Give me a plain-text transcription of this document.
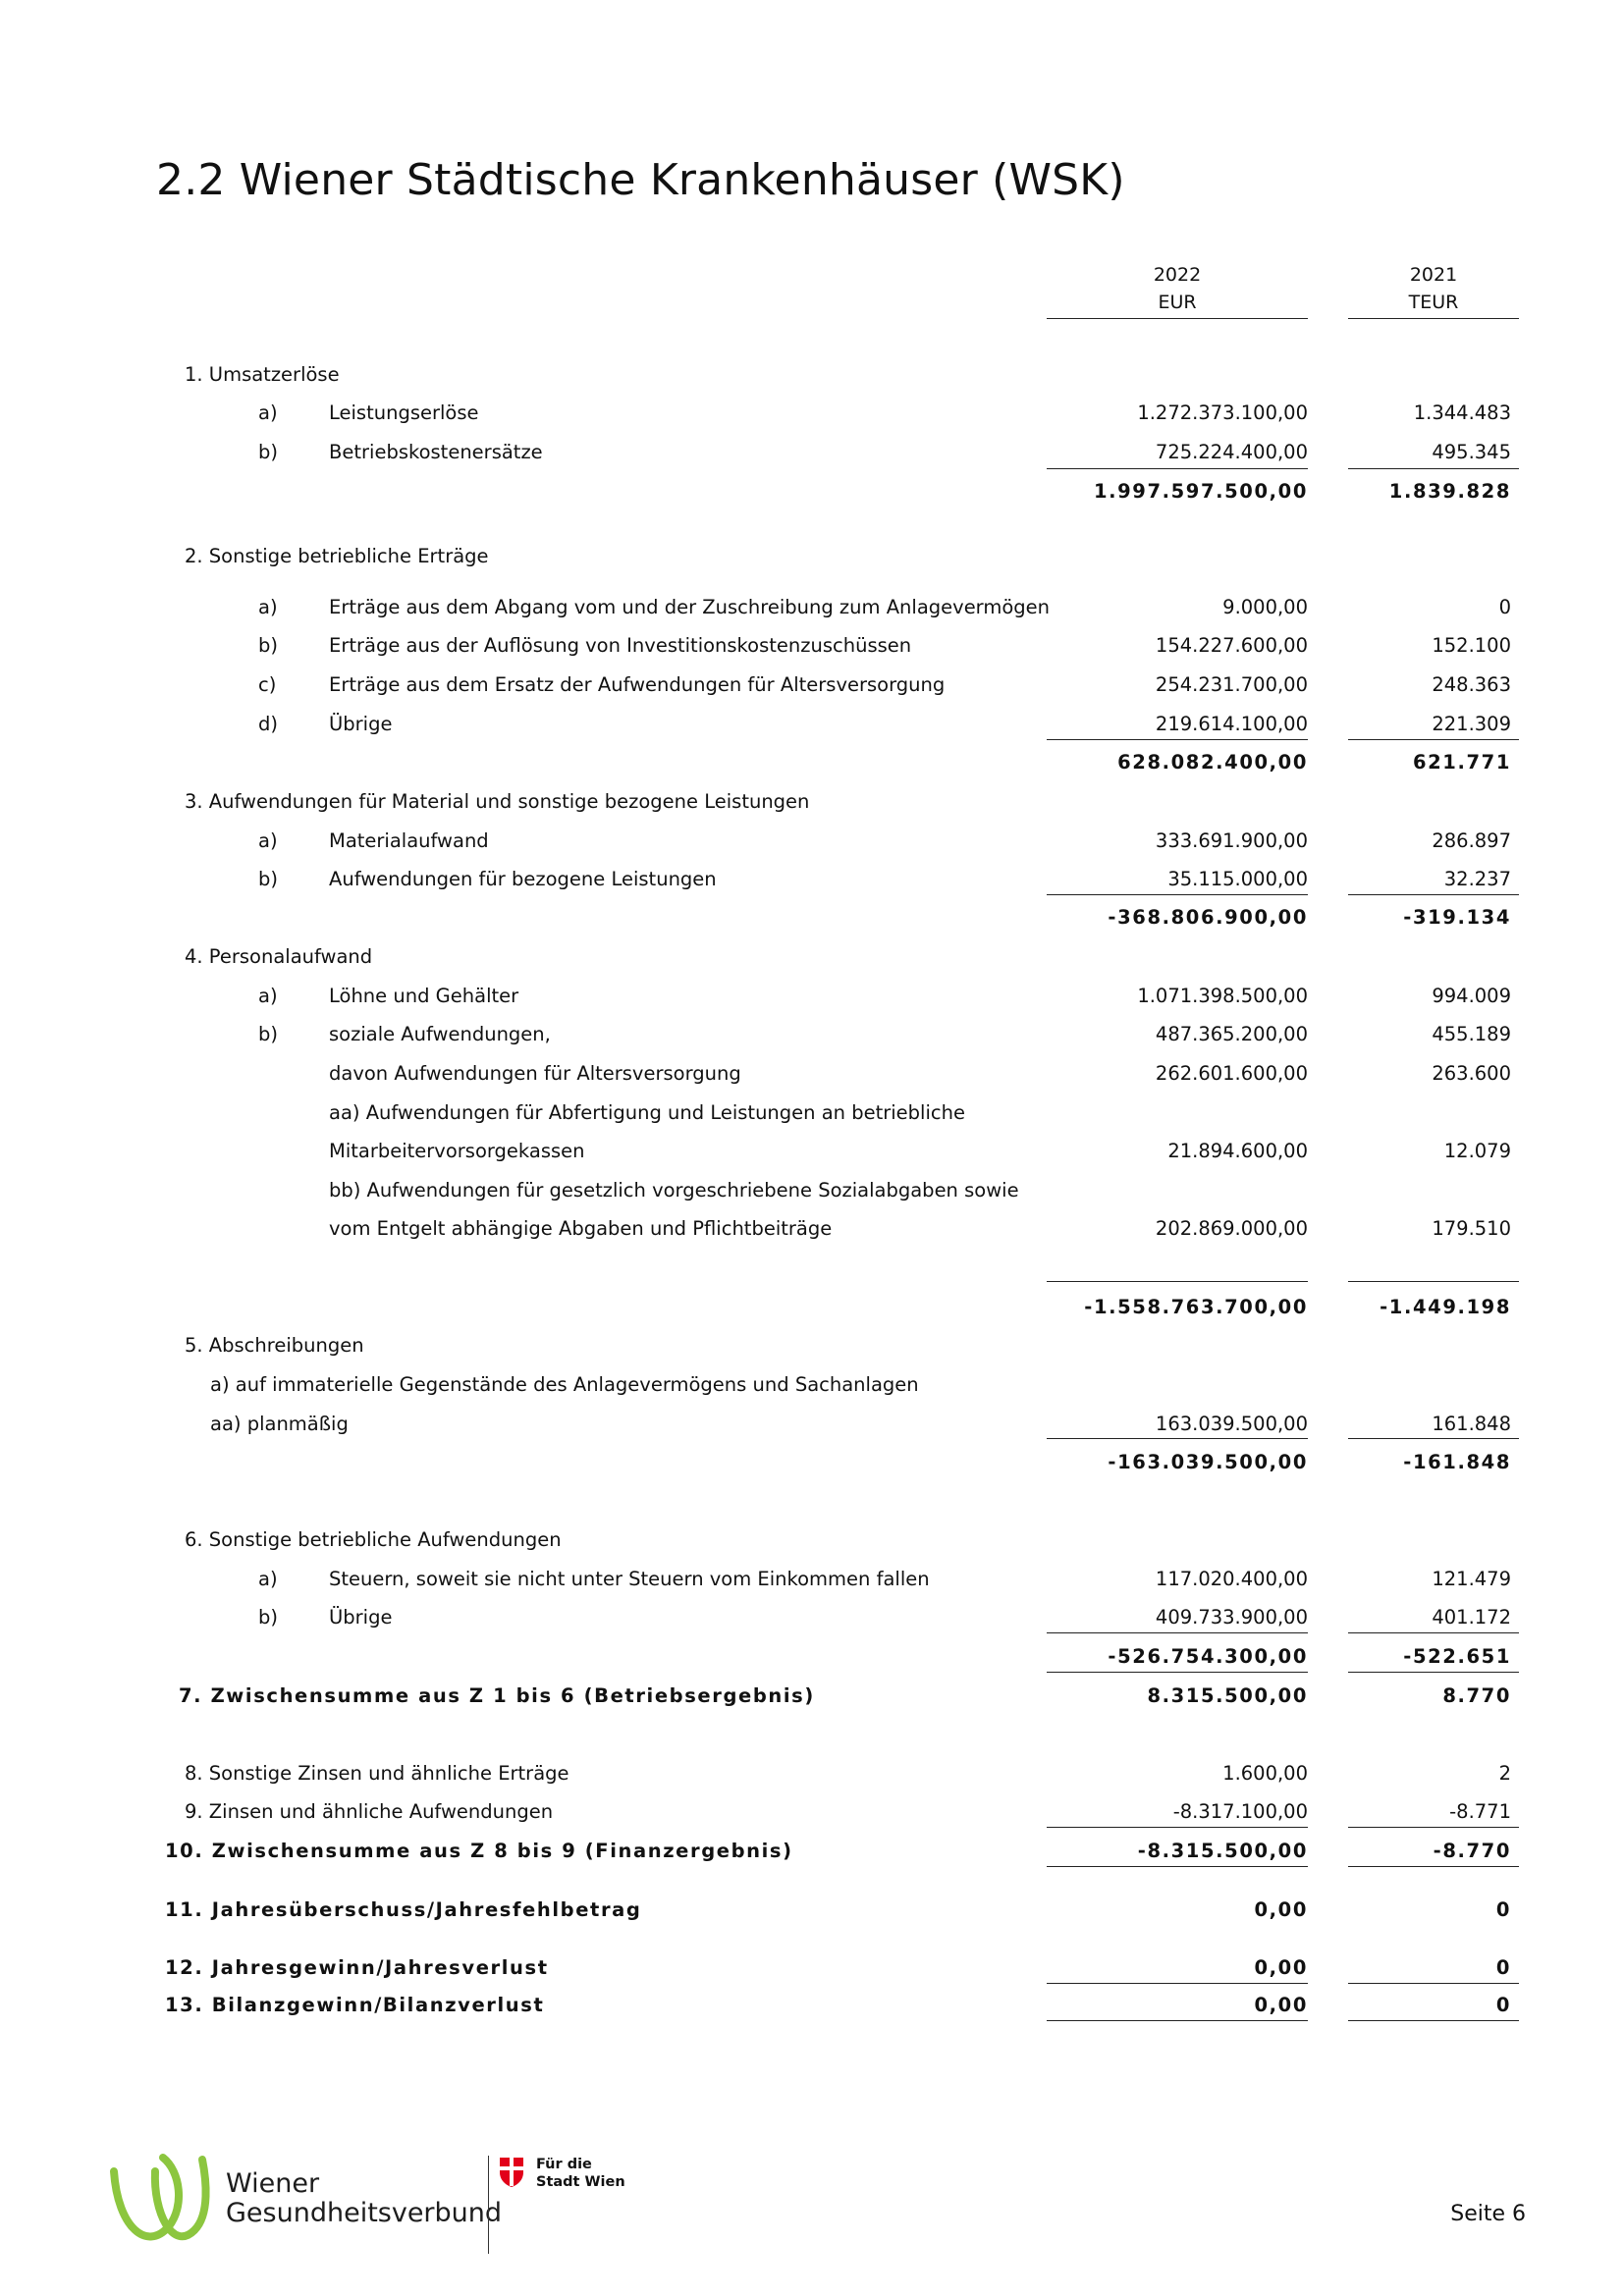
2.2 Wiener Städtische Krankenhäuser (WSK)
2022
EUR
2021
TEUR
1. Umsatzerlöse
a)	Leistungserlöse	1.272.373.100,00	1.344.483
b)	Betriebskostenersätze	725.224.400,00	495.345
1.997.597.500,00	1.839.828
2. Sonstige betriebliche Erträge
a)	Erträge aus dem Abgang vom und der Zuschreibung zum Anlagevermögen	9.000,00	0
b)	Erträge aus der Auflösung von Investitionskostenzuschüssen	154.227.600,00	152.100
c)	Erträge aus dem Ersatz der Aufwendungen für Altersversorgung	254.231.700,00	248.363
d)	Übrige	219.614.100,00	221.309
628.082.400,00	621.771
3. Aufwendungen für Material und sonstige bezogene Leistungen
a)	Materialaufwand	333.691.900,00	286.897
b)	Aufwendungen für bezogene Leistungen	35.115.000,00	32.237
-368.806.900,00	-319.134
4. Personalaufwand
a)	Löhne und Gehälter	1.071.398.500,00	994.009
b)	soziale Aufwendungen,	487.365.200,00	455.189
davon Aufwendungen für Altersversorgung	262.601.600,00	263.600
aa) Aufwendungen für Abfertigung und Leistungen an betriebliche
Mitarbeitervorsorgekassen	21.894.600,00	12.079
bb) Aufwendungen für gesetzlich vorgeschriebene Sozialabgaben sowie
vom Entgelt abhängige Abgaben und Pflichtbeiträge	202.869.000,00	179.510
-1.558.763.700,00	-1.449.198
5. Abschreibungen
a) auf immaterielle Gegenstände des Anlagevermögens und Sachanlagen
aa) planmäßig	163.039.500,00	161.848
-163.039.500,00	-161.848
6. Sonstige betriebliche Aufwendungen
a)	Steuern, soweit sie nicht unter Steuern vom Einkommen fallen	117.020.400,00	121.479
b)	Übrige	409.733.900,00	401.172
-526.754.300,00	-522.651
7. Zwischensumme aus Z 1 bis 6 (Betriebsergebnis)	8.315.500,00	8.770
8. Sonstige Zinsen und ähnliche Erträge	1.600,00	2
9. Zinsen und ähnliche Aufwendungen	-8.317.100,00	-8.771
10. Zwischensumme aus Z 8 bis 9 (Finanzergebnis)	-8.315.500,00	-8.770
11. Jahresüberschuss/Jahresfehlbetrag	0,00	0
12. Jahresgewinn/Jahresverlust	0,00	0
13. Bilanzgewinn/Bilanzverlust	0,00	0
Wiener
Gesundheitsverbund
Für die
Stadt Wien
Seite 6
